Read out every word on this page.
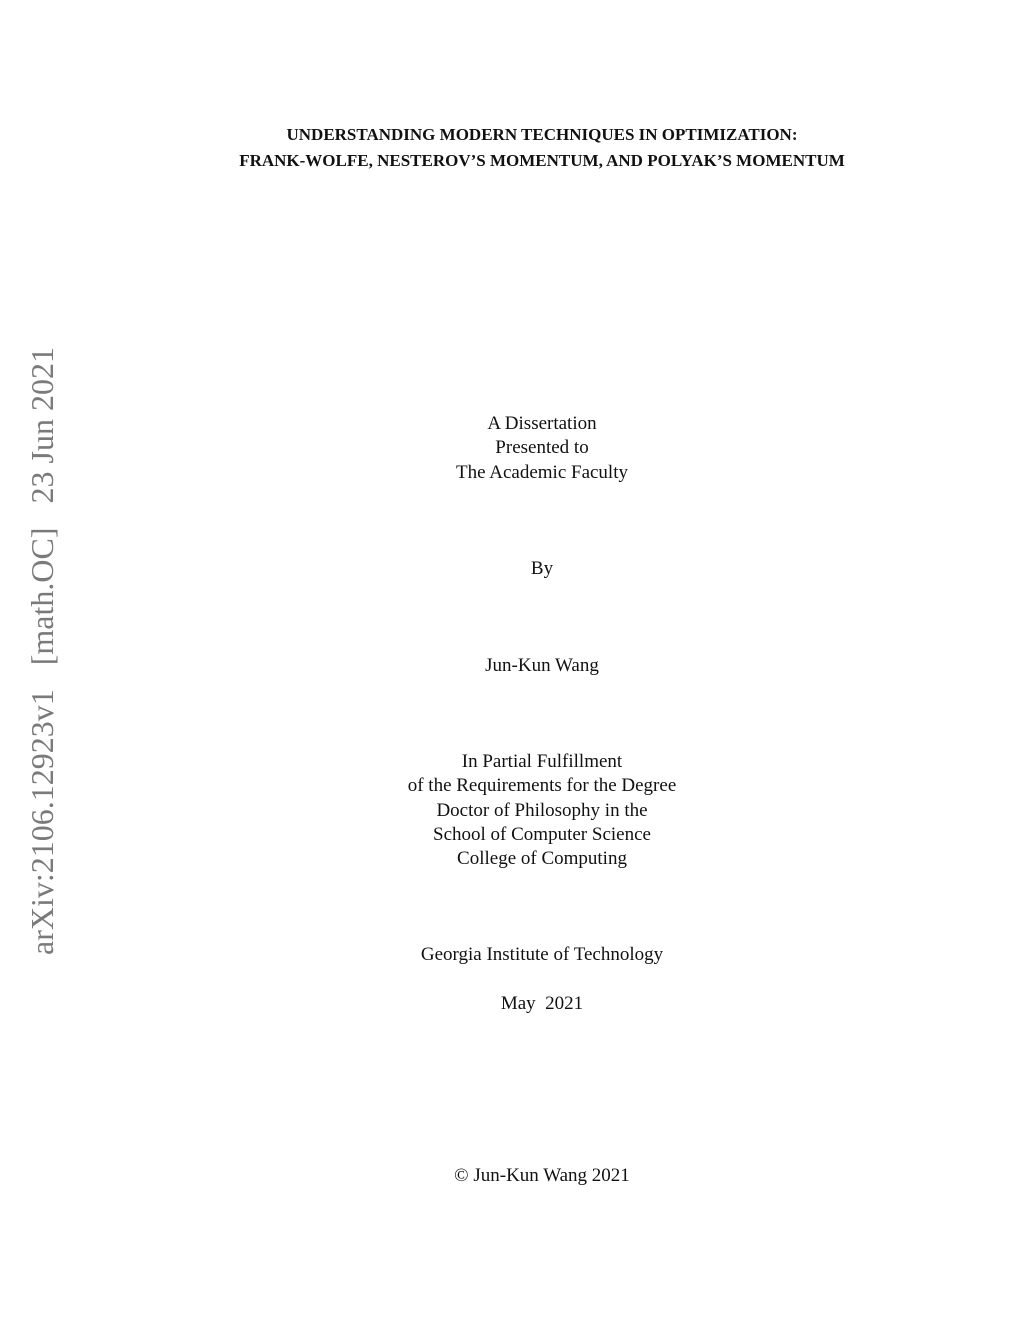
arXiv:2106.12923v1   [math.OC]   23 Jun 2021
UNDERSTANDING MODERN TECHNIQUES IN OPTIMIZATION:
FRANK-WOLFE, NESTEROV’S MOMENTUM, AND POLYAK’S MOMENTUM
A Dissertation
Presented to
The Academic Faculty
By
Jun-Kun Wang
In Partial Fulfillment
of the Requirements for the Degree
Doctor of Philosophy in the
School of Computer Science
College of Computing
Georgia Institute of Technology
May  2021
© Jun-Kun Wang 2021
